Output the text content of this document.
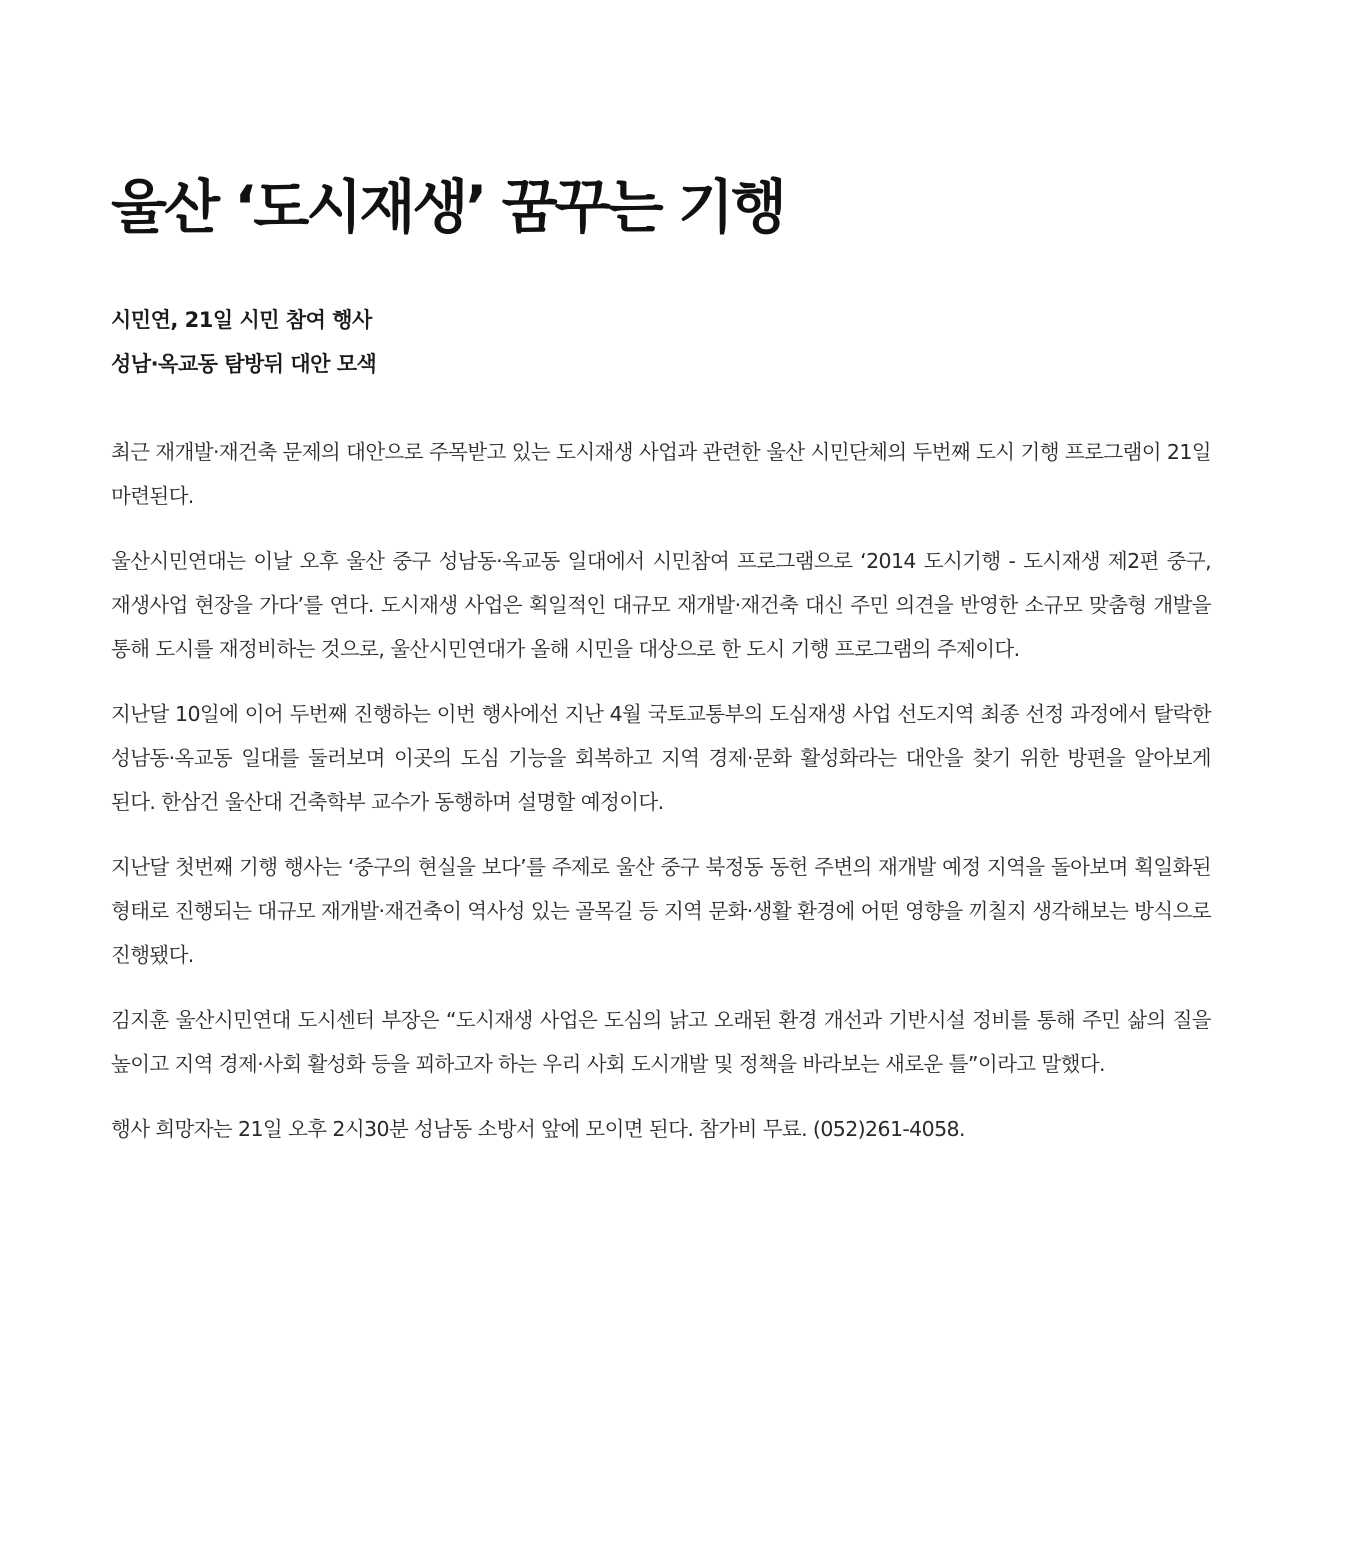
울산 ‘도시재생’ 꿈꾸는 기행

시민연, 21일 시민 참여 행사

성남·옥교동 탐방뒤 대안 모색

최근 재개발·재건축 문제의 대안으로 주목받고 있는 도시재생 사업과 관련한 울산 시민단체의 두번째 도시 기행 프로그램이 21일 마련된다.

울산시민연대는 이날 오후 울산 중구 성남동·옥교동 일대에서 시민참여 프로그램으로 ‘2014 도시기행 - 도시재생 제2편 중구, 재생사업 현장을 가다’를 연다. 도시재생 사업은 획일적인 대규모 재개발·재건축 대신 주민 의견을 반영한 소규모 맞춤형 개발을 통해 도시를 재정비하는 것으로, 울산시민연대가 올해 시민을 대상으로 한 도시 기행 프로그램의 주제이다.

지난달 10일에 이어 두번째 진행하는 이번 행사에선 지난 4월 국토교통부의 도심재생 사업 선도지역 최종 선정 과정에서 탈락한 성남동·옥교동 일대를 둘러보며 이곳의 도심 기능을 회복하고 지역 경제·문화 활성화라는 대안을 찾기 위한 방편을 알아보게 된다. 한삼건 울산대 건축학부 교수가 동행하며 설명할 예정이다.

지난달 첫번째 기행 행사는 ‘중구의 현실을 보다’를 주제로 울산 중구 북정동 동헌 주변의 재개발 예정 지역을 돌아보며 획일화된 형태로 진행되는 대규모 재개발·재건축이 역사성 있는 골목길 등 지역 문화·생활 환경에 어떤 영향을 끼칠지 생각해보는 방식으로 진행됐다.

김지훈 울산시민연대 도시센터 부장은 “도시재생 사업은 도심의 낡고 오래된 환경 개선과 기반시설 정비를 통해 주민 삶의 질을 높이고 지역 경제·사회 활성화 등을 꾀하고자 하는 우리 사회 도시개발 및 정책을 바라보는 새로운 틀”이라고 말했다.

행사 희망자는 21일 오후 2시30분 성남동 소방서 앞에 모이면 된다. 참가비 무료. (052)261-4058.
